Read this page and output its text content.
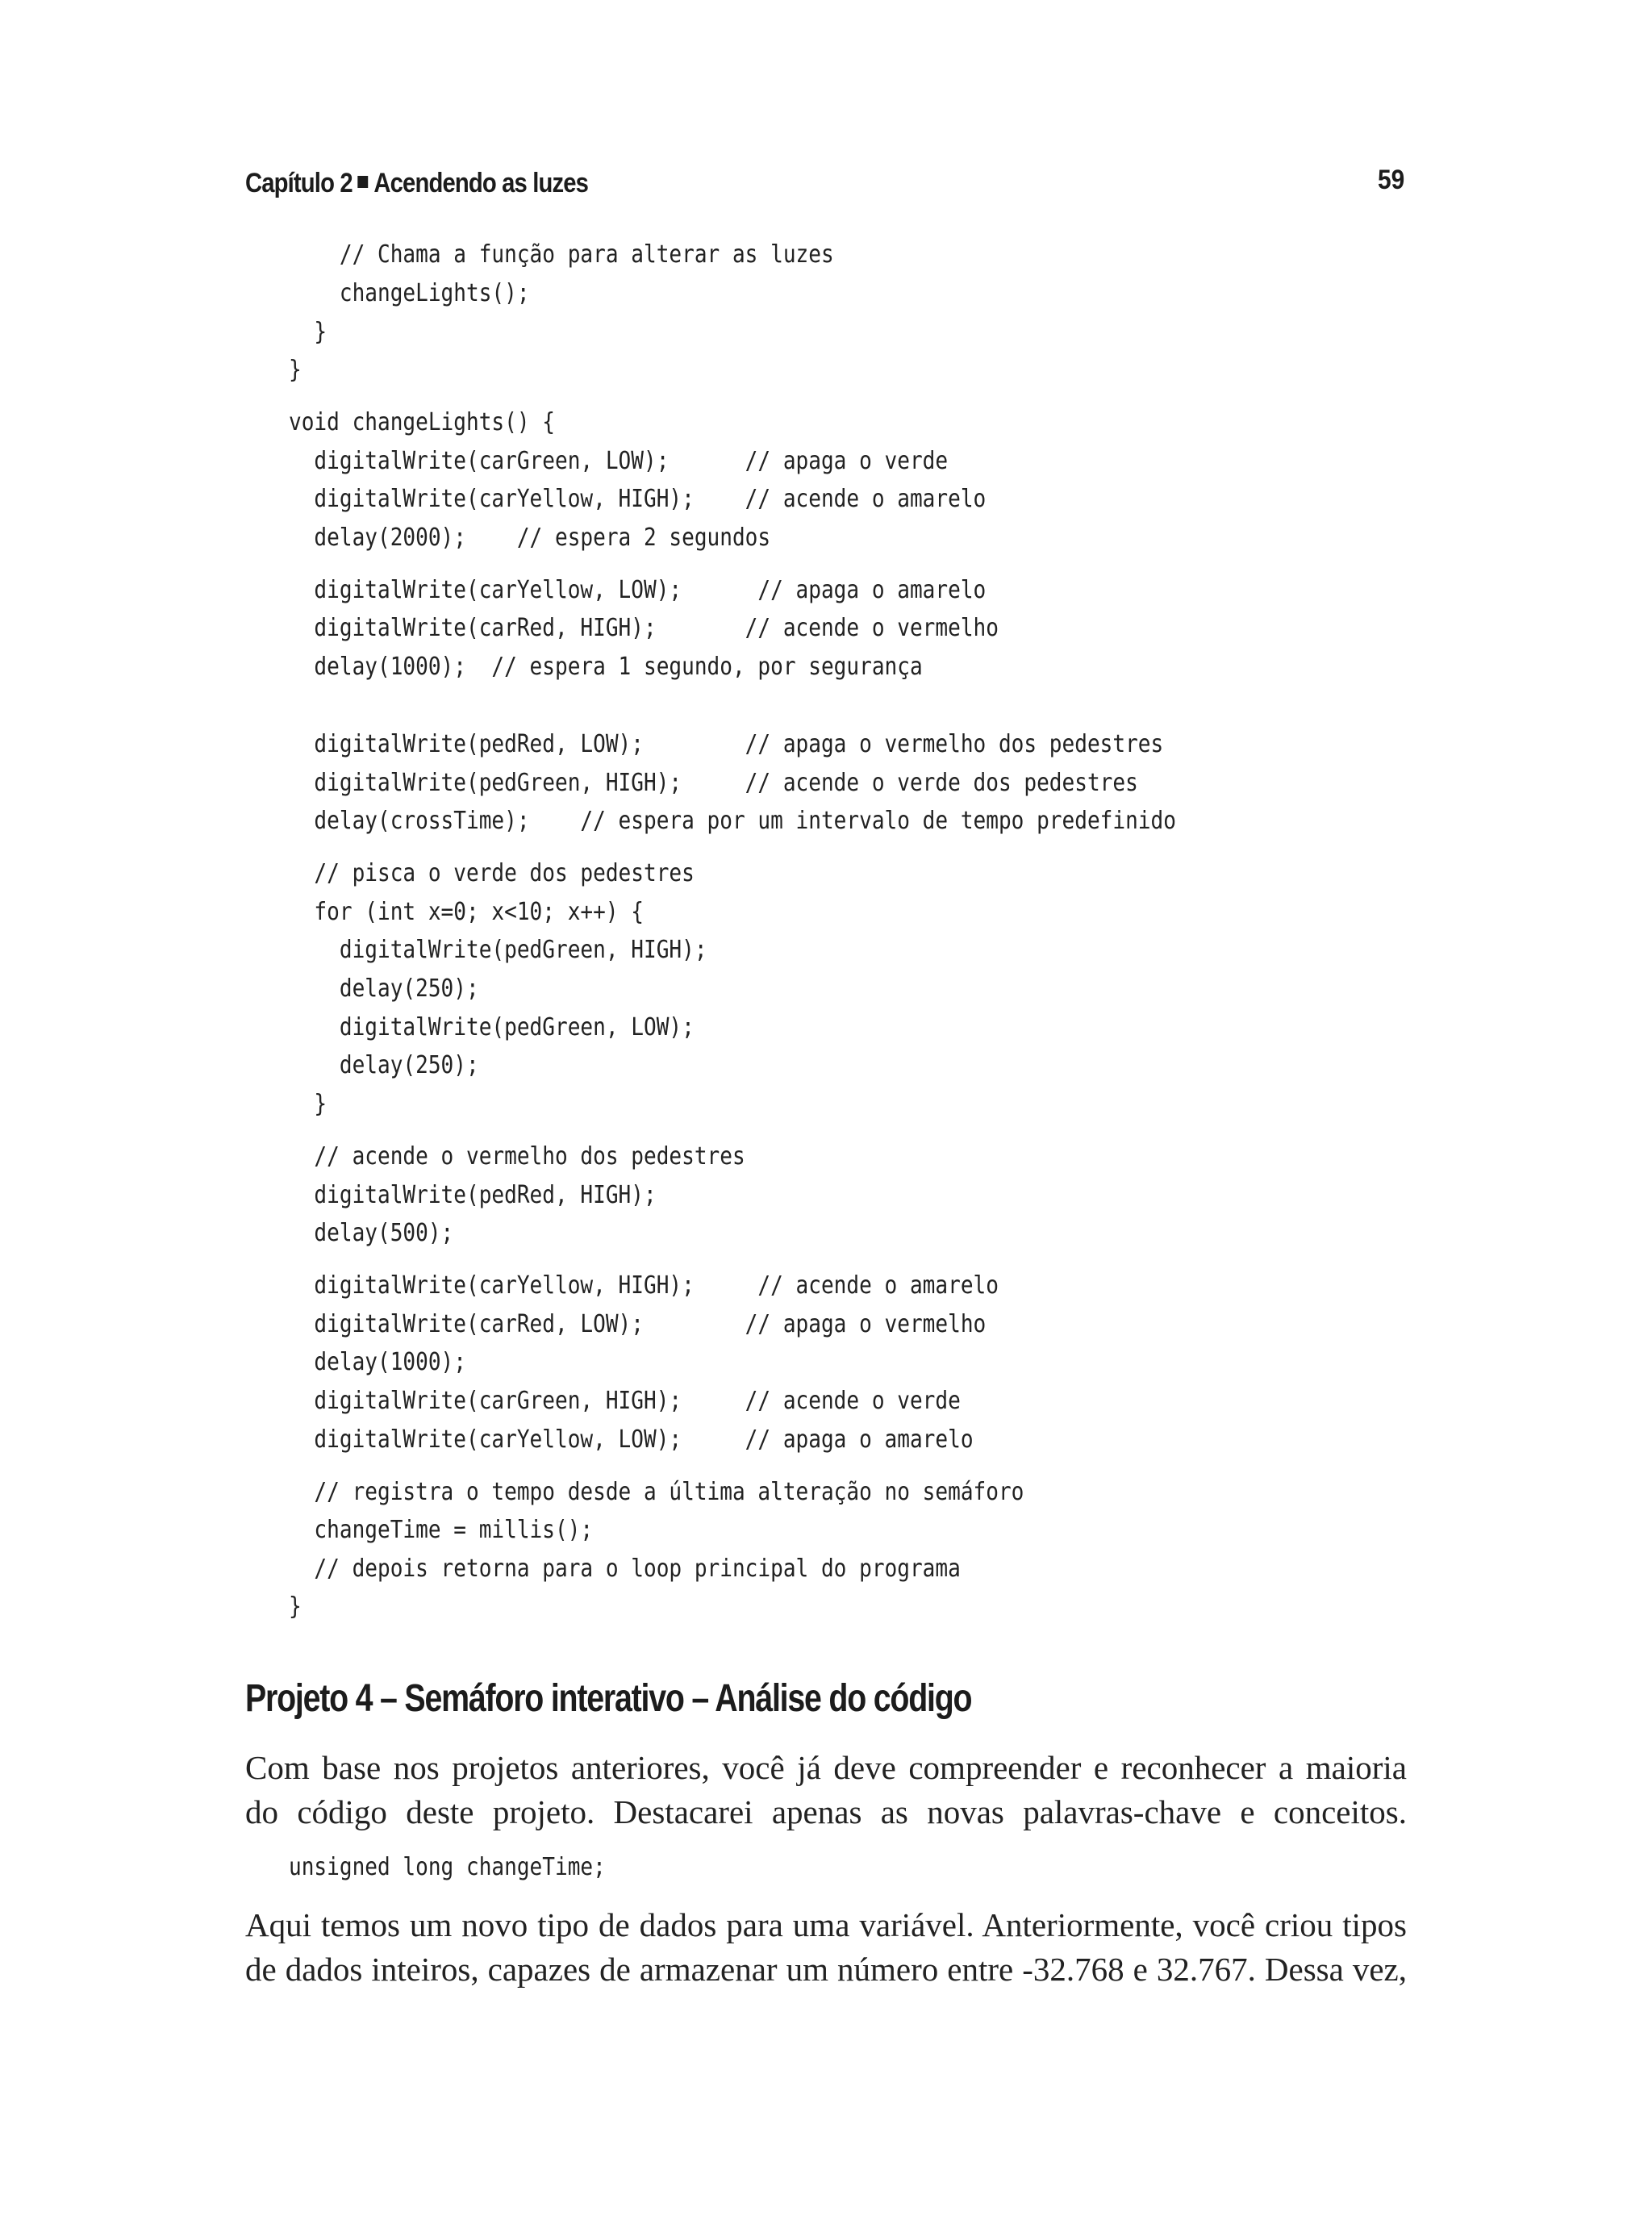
Capítulo 2 Acendendo as luzes	59
// Chama a função para alterar as luzes
changeLights();
}
}
void changeLights() {
digitalWrite(carGreen, LOW);      // apaga o verde
digitalWrite(carYellow, HIGH);    // acende o amarelo
delay(2000);    // espera 2 segundos
digitalWrite(carYellow, LOW);      // apaga o amarelo
digitalWrite(carRed, HIGH);       // acende o vermelho
delay(1000);  // espera 1 segundo, por segurança
digitalWrite(pedRed, LOW);        // apaga o vermelho dos pedestres
digitalWrite(pedGreen, HIGH);     // acende o verde dos pedestres
delay(crossTime);    // espera por um intervalo de tempo predefinido
// pisca o verde dos pedestres
for (int x=0; x<10; x++) {
digitalWrite(pedGreen, HIGH);
delay(250);
digitalWrite(pedGreen, LOW);
delay(250);
}
// acende o vermelho dos pedestres
digitalWrite(pedRed, HIGH);
delay(500);
digitalWrite(carYellow, HIGH);     // acende o amarelo
digitalWrite(carRed, LOW);        // apaga o vermelho
delay(1000);
digitalWrite(carGreen, HIGH);     // acende o verde
digitalWrite(carYellow, LOW);     // apaga o amarelo
// registra o tempo desde a última alteração no semáforo
changeTime = millis();
// depois retorna para o loop principal do programa
}
Projeto 4 – Semáforo interativo – Análise do código

Com base nos projetos anteriores, você já deve compreender e reconhecer a maioria
do código deste projeto. Destacarei apenas as novas palavras-chave e conceitos.

unsigned long changeTime;

Aqui temos um novo tipo de dados para uma variável. Anteriormente, você criou tipos
de dados inteiros, capazes de armazenar um número entre -32.768 e 32.767. Dessa vez,
